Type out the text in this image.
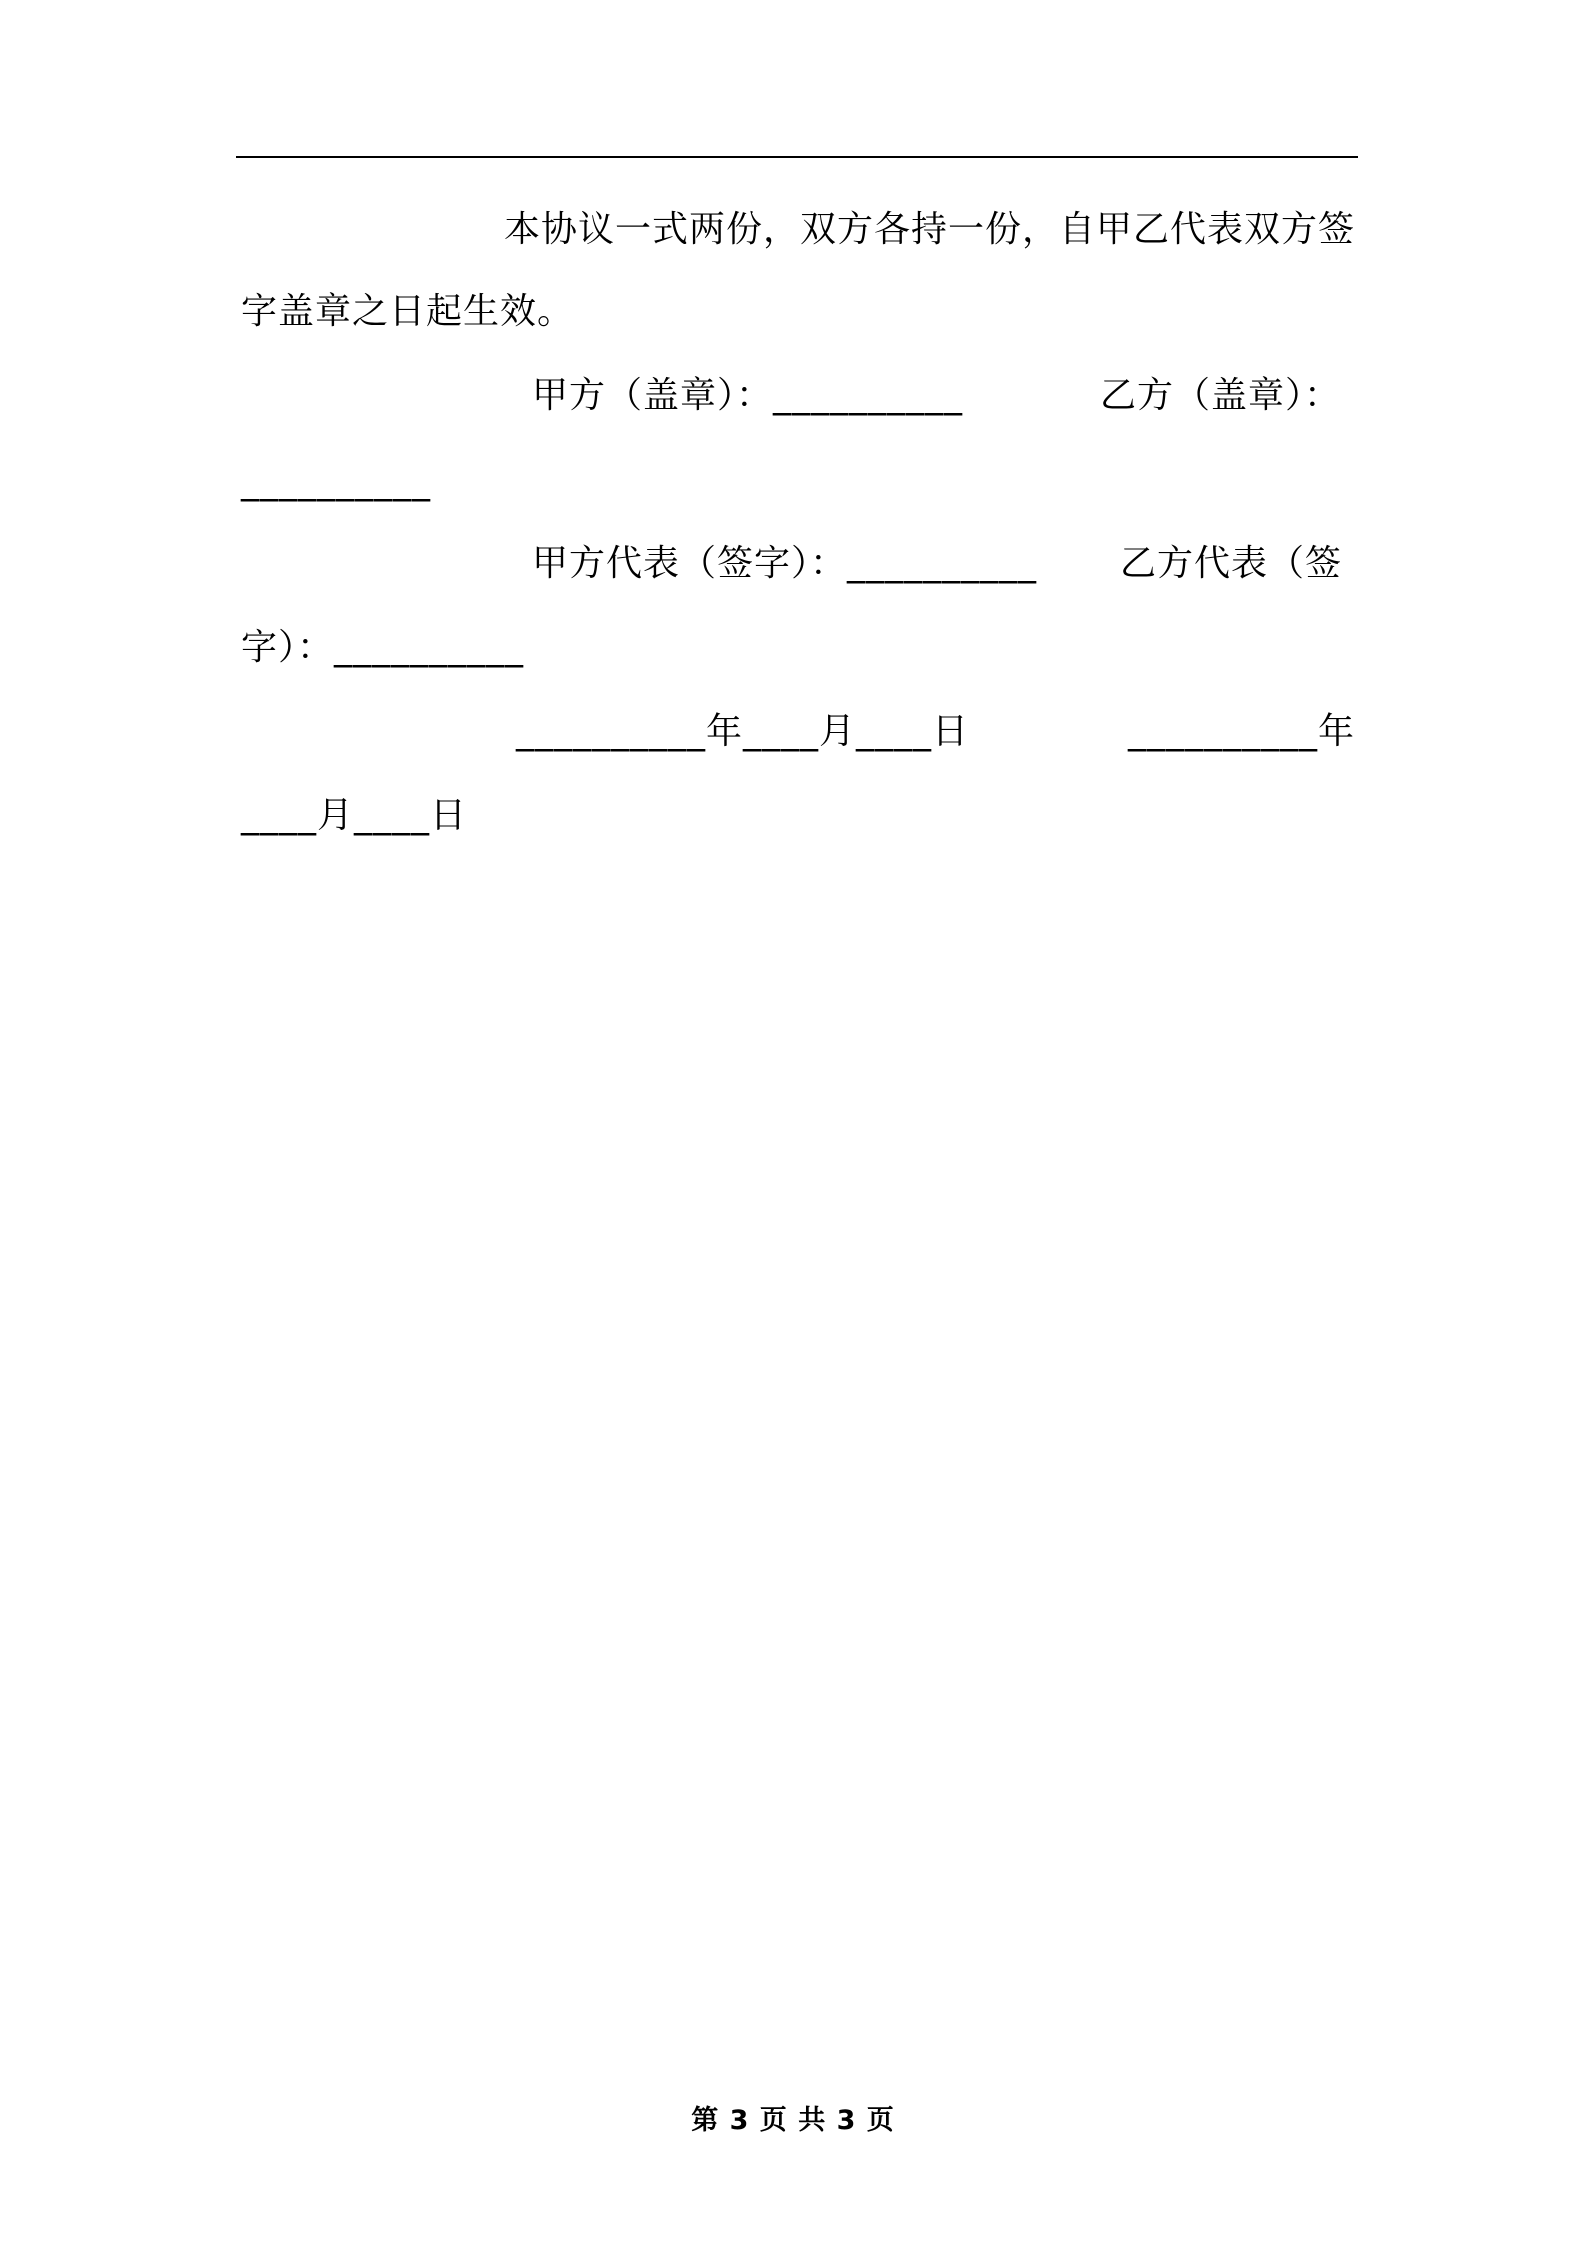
本协议一式两份，双方各持一份，自甲乙代表双方签
字盖章之日起生效。
甲方（盖章）：__________	乙方（盖章）：
__________
甲方代表（签字）：__________ 乙方代表（签
字）：__________
__________年____月____日	__________年
____月____日
第 3 页 共 3 页
